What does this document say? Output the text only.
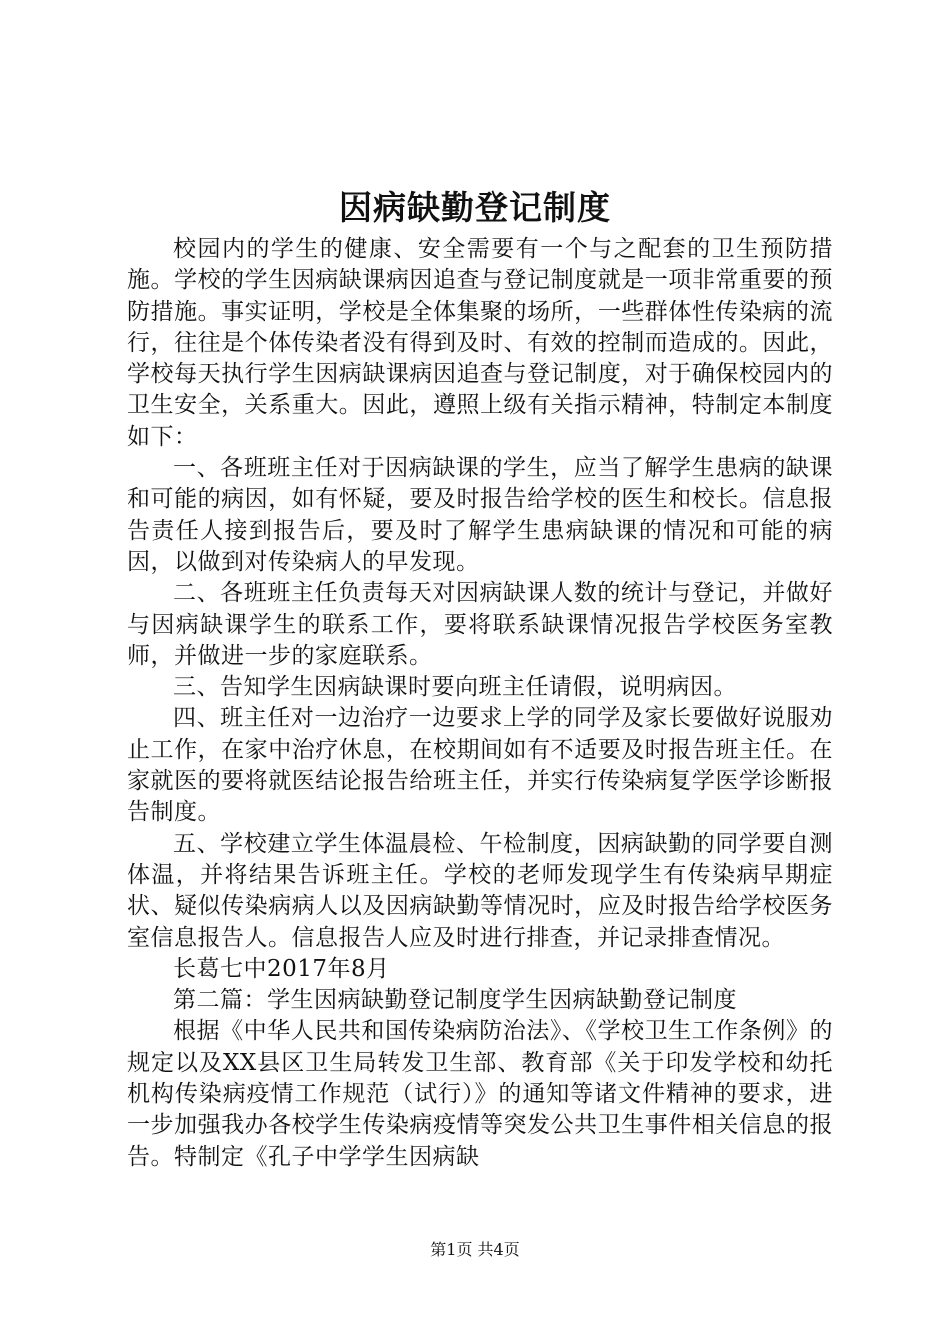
因病缺勤登记制度

校园内的学生的健康、安全需要有一个与之配套的卫生预防措施。学校的学生因病缺课病因追查与登记制度就是一项非常重要的预防措施。事实证明，学校是全体集聚的场所，一些群体性传染病的流行，往往是个体传染者没有得到及时、有效的控制而造成的。因此，学校每天执行学生因病缺课病因追查与登记制度，对于确保校园内的卫生安全，关系重大。因此，遵照上级有关指示精神，特制定本制度如下：

一、各班班主任对于因病缺课的学生，应当了解学生患病的缺课和可能的病因，如有怀疑，要及时报告给学校的医生和校长。信息报告责任人接到报告后，要及时了解学生患病缺课的情况和可能的病因，以做到对传染病人的早发现。

二、各班班主任负责每天对因病缺课人数的统计与登记，并做好与因病缺课学生的联系工作，要将联系缺课情况报告学校医务室教师，并做进一步的家庭联系。

三、告知学生因病缺课时要向班主任请假，说明病因。

四、班主任对一边治疗一边要求上学的同学及家长要做好说服劝止工作，在家中治疗休息，在校期间如有不适要及时报告班主任。在家就医的要将就医结论报告给班主任，并实行传染病复学医学诊断报告制度。

五、学校建立学生体温晨检、午检制度，因病缺勤的同学要自测体温，并将结果告诉班主任。学校的老师发现学生有传染病早期症状、疑似传染病病人以及因病缺勤等情况时，应及时报告给学校医务室信息报告人。信息报告人应及时进行排查，并记录排查情况。

长葛七中2017年8月

第二篇：学生因病缺勤登记制度学生因病缺勤登记制度

根据《中华人民共和国传染病防治法》、《学校卫生工作条例》的规定以及XX县区卫生局转发卫生部、教育部《关于印发学校和幼托机构传染病疫情工作规范（试行）》的通知等诸文件精神的要求，进一步加强我办各校学生传染病疫情等突发公共卫生事件相关信息的报告。特制定《孔子中学学生因病缺

第1页 共4页
